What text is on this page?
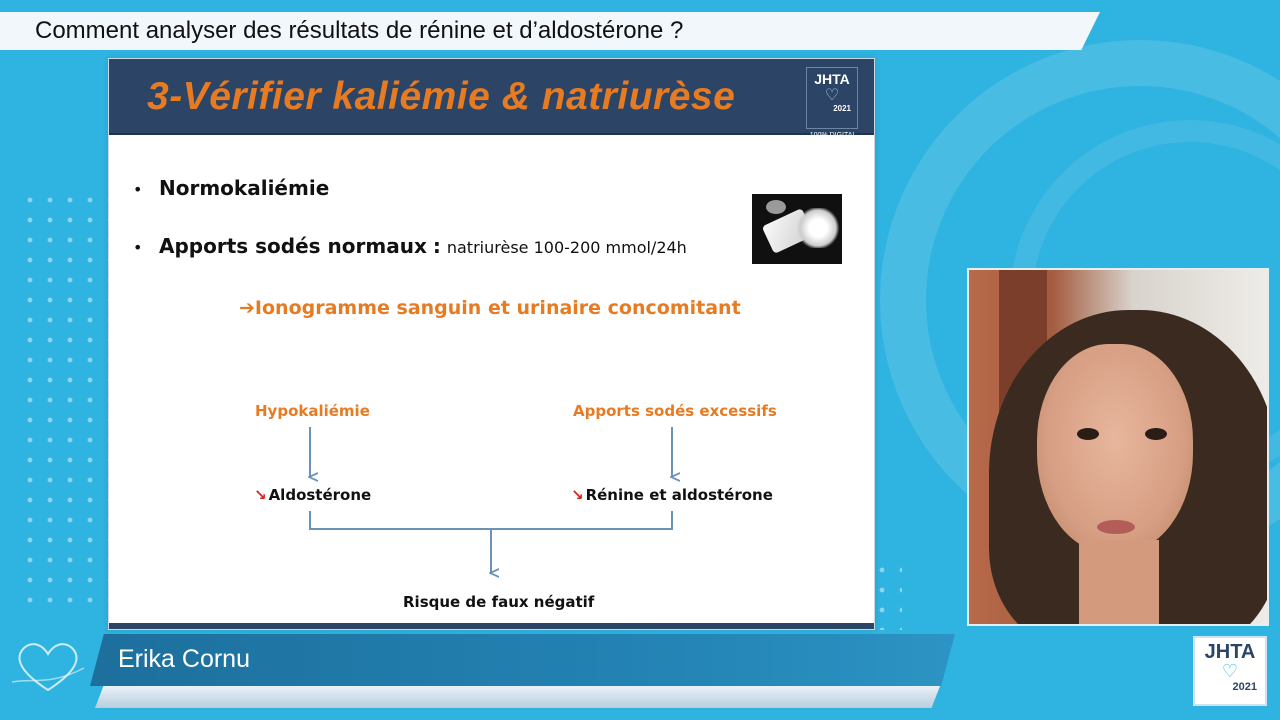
Comment analyser des résultats de rénine et d’aldostérone ?
3-Vérifier kaliémie & natriurèse	JHTA
♡
2021
100% DIGITAL
• Normokaliémie
• Apports sodés normaux : natriurèse 100-200 mmol/24h
➔Ionogramme sanguin et urinaire concomitant
Hypokaliémie	Apports sodés excessifs
↘ Aldostérone	↘ Rénine et aldostérone
Risque de faux négatif
Erika Cornu	JHTA
♡
2021
